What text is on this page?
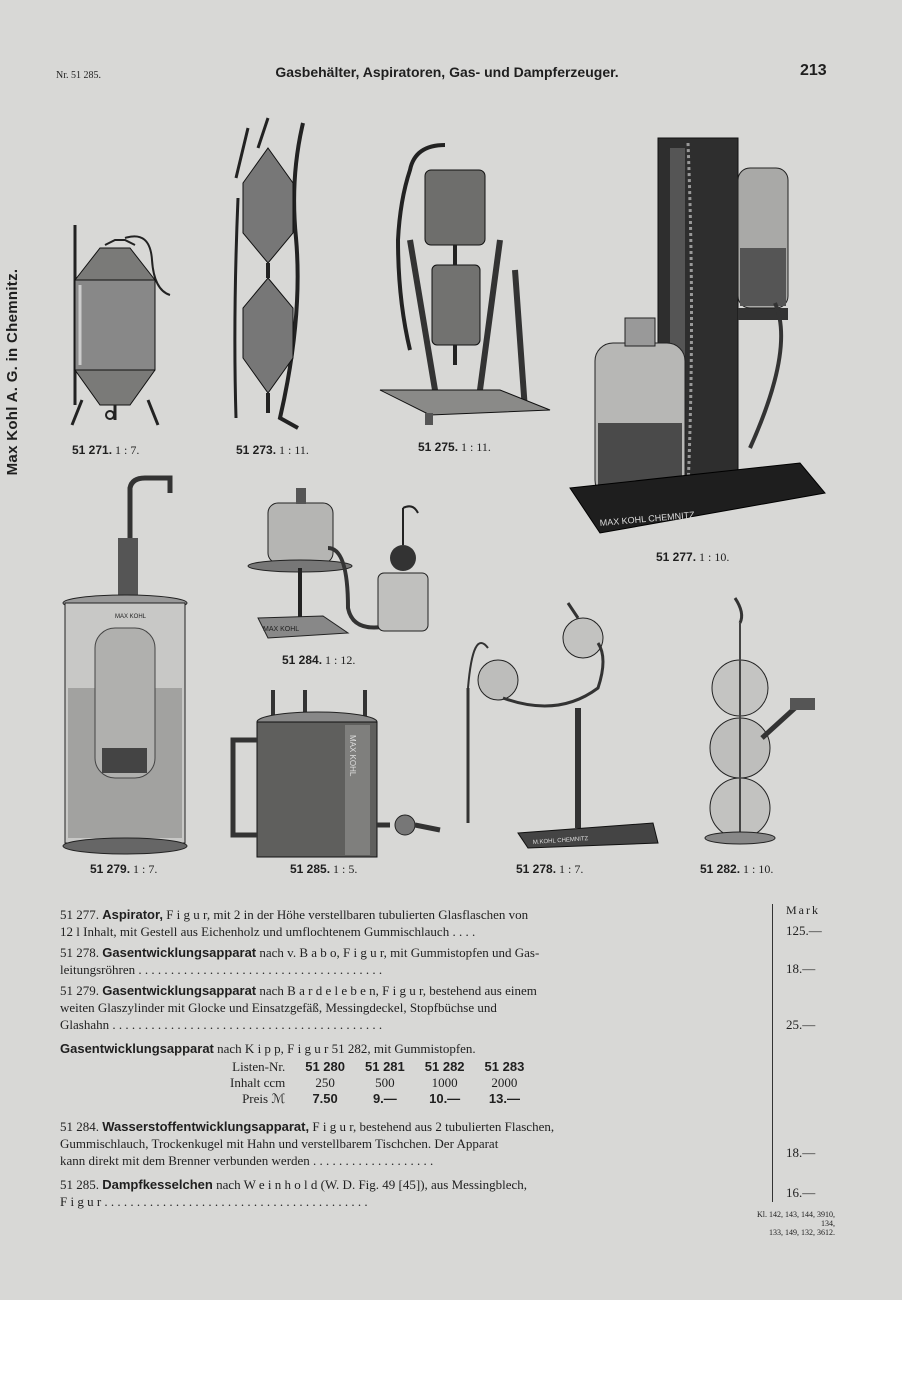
Nr. 51 285.	Gasbehälter, Aspiratoren, Gas- und Dampferzeuger.	213
Max Kohl A. G. in Chemnitz.	51 271. 1 : 7.	51 273. 1 : 11.	51 275. 1 : 11.
MAX KOHL CHEMNITZ
51 277. 1 : 10.
MAX KOHL
51 284. 1 : 12.
MAX KOHL
51 279. 1 : 7.
MAX KOHL
51 285. 1 : 5.
M.KOHL CHEMNITZ
51 278. 1 : 7.	51 282. 1 : 10.
Mark
51 277. Aspirator, F i g u r, mit 2 in der Höhe verstellbaren tubulierten Glasflaschen von
12 l Inhalt, mit Gestell aus Eichenholz und umflochtenem Gummischlauch . . . .	125.—
51 278. Gasentwicklungsapparat nach v. B a b o, F i g u r, mit Gummistopfen und Gas-
leitungsröhren . . . . . . . . . . . . . . . . . . . . . . . . . . . . . . . . . . . . . .	18.—
51 279. Gasentwicklungsapparat nach B a r d e l e b e n, F i g u r, bestehend aus einem
weiten Glaszylinder mit Glocke und Einsatzgefäß, Messingdeckel, Stopfbüchse und
Glashahn . . . . . . . . . . . . . . . . . . . . . . . . . . . . . . . . . . . . . . . . . .	25.—
Gasentwicklungsapparat nach K i p p, F i g u r 51 282, mit Gummistopfen.
Listen-Nr.	51 280	51 281	51 282	51 283
Inhalt ccm	250	500	1000	2000
Preis ℳ	7.50	9.—	10.—	13.—
51 284. Wasserstoffentwicklungsapparat, F i g u r, bestehend aus 2 tubulierten Flaschen,
Gummischlauch, Trockenkugel mit Hahn und verstellbarem Tischchen. Der Apparat
kann direkt mit dem Brenner verbunden werden . . . . . . . . . . . . . . . . . . .
18.—
51 285. Dampfkesselchen nach W e i n h o l d (W. D. Fig. 49 [45]), aus Messingblech,
F i g u r . . . . . . . . . . . . . . . . . . . . . . . . . . . . . . . . . . . . . . . . .
16.—
Kl. 142, 143, 144, 3910,
134,
133, 149, 132, 3612.
